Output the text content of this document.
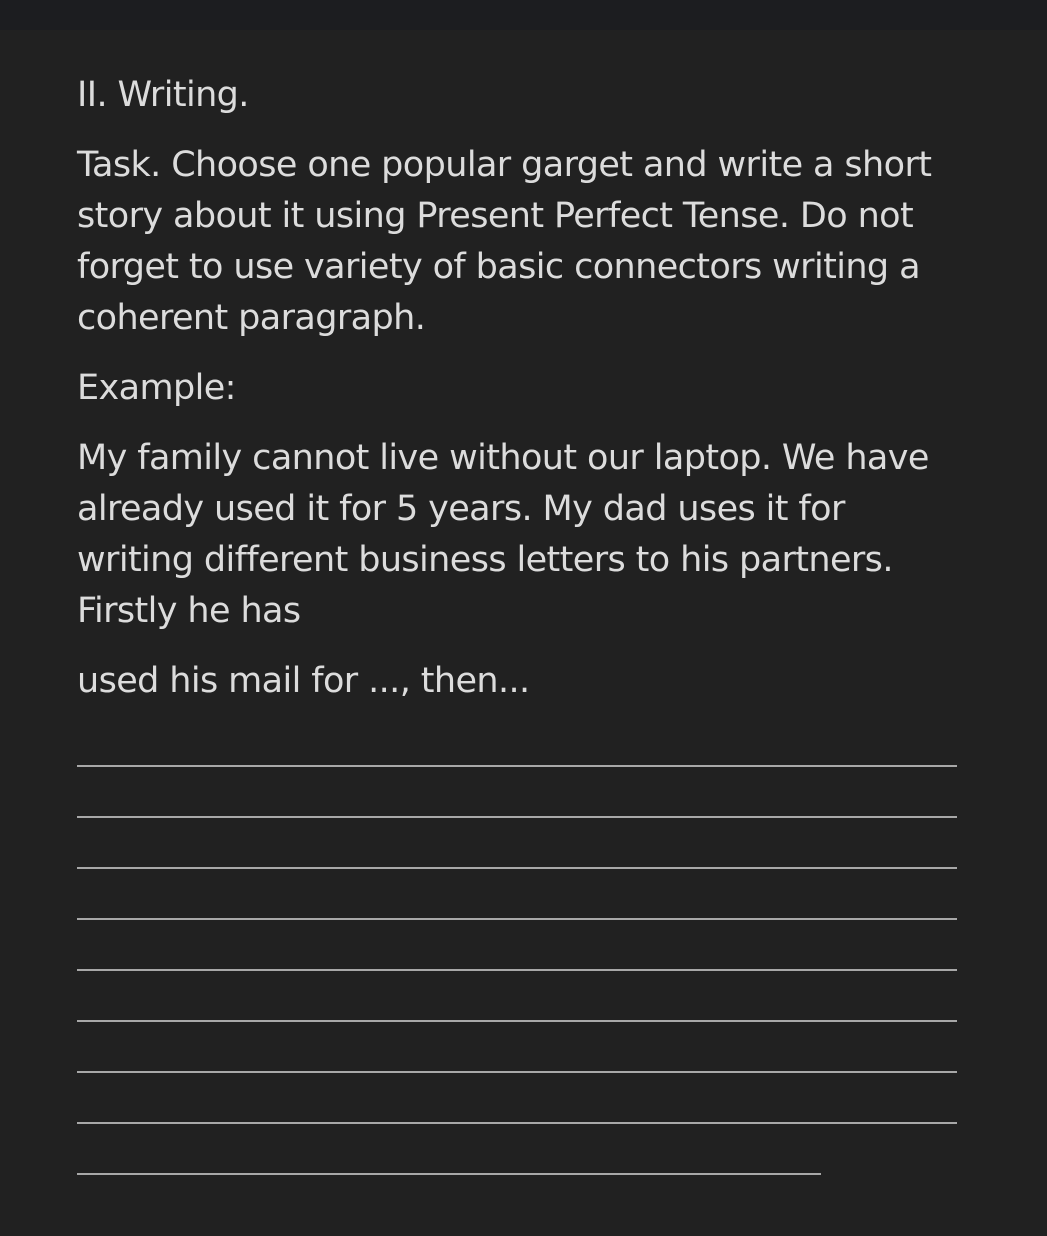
II. Writing.

Task. Choose one popular garget and write a short

story about it using Present Perfect Tense. Do not

forget to use variety of basic connectors writing a

coherent paragraph.

Example:

My family cannot live without our laptop. We have

already used it for 5 years. My dad uses it for

writing different business letters to his partners.

Firstly he has

used his mail for ..., then...
